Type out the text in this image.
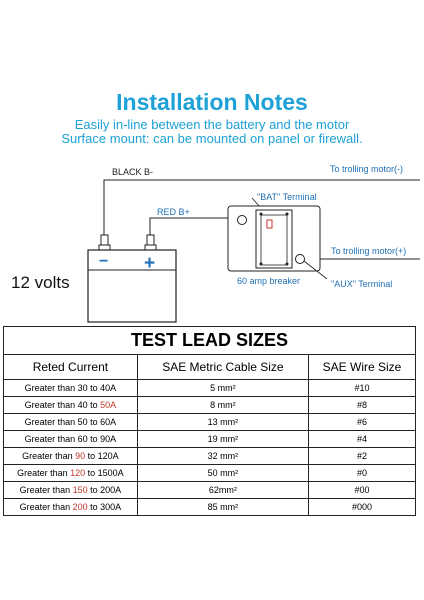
Installation Notes
Easily in-line between the battery and the motor
Surface mount: can be mounted on panel or firewall.
− +
BLACK B-	To trolling motor(-)
"BAT" Terminal
RED B+
To trolling motor(+)
60 amp breaker	"AUX" Terminal
12 volts
TEST LEAD SIZES		
Reted Current	SAE Metric Cable Size	SAE Wire Size
Greater than 30 to 40A	5 mm²	#10
Greater than 40 to 50A	8 mm²	#8
Greater than 50 to 60A	13 mm²	#6
Greater than 60 to 90A	19 mm²	#4
Greater than 90 to 120A	32 mm²	#2
Greater than 120 to 1500A	50 mm²	#0
Greater than 150 to 200A	62mm²	#00
Greater than 200 to 300A	85 mm²	#000
